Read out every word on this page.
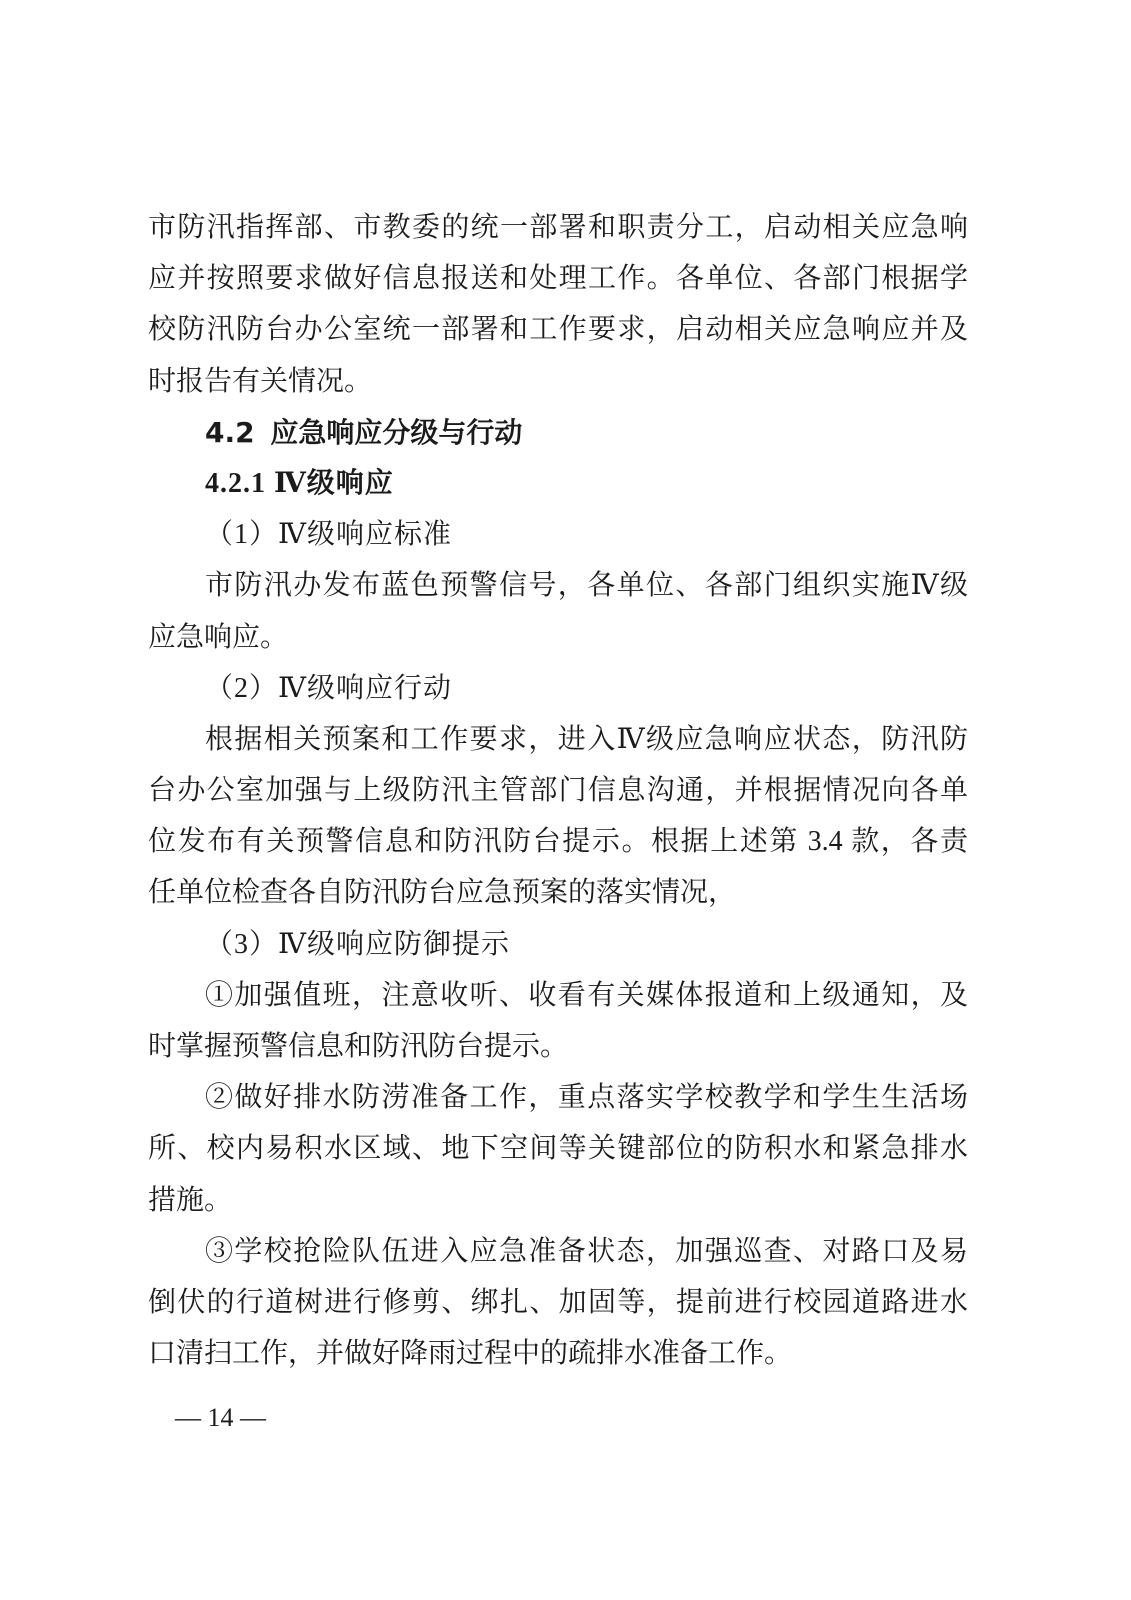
市防汛指挥部、市教委的统一部署和职责分工，启动相关应急响
应并按照要求做好信息报送和处理工作。各单位、各部门根据学
校防汛防台办公室统一部署和工作要求，启动相关应急响应并及
时报告有关情况。
4.2 应急响应分级与行动
4.2.1 Ⅳ级响应
（1）Ⅳ级响应标准
市防汛办发布蓝色预警信号，各单位、各部门组织实施Ⅳ级
应急响应。
（2）Ⅳ级响应行动
根据相关预案和工作要求，进入Ⅳ级应急响应状态，防汛防
台办公室加强与上级防汛主管部门信息沟通，并根据情况向各单
位发布有关预警信息和防汛防台提示。根据上述第 3.4 款，各责
任单位检查各自防汛防台应急预案的落实情况，
（3）Ⅳ级响应防御提示
①加强值班，注意收听、收看有关媒体报道和上级通知，及
时掌握预警信息和防汛防台提示。
②做好排水防涝准备工作，重点落实学校教学和学生生活场
所、校内易积水区域、地下空间等关键部位的防积水和紧急排水
措施。
③学校抢险队伍进入应急准备状态，加强巡查、对路口及易
倒伏的行道树进行修剪、绑扎、加固等，提前进行校园道路进水
口清扫工作，并做好降雨过程中的疏排水准备工作。
— 14 —
